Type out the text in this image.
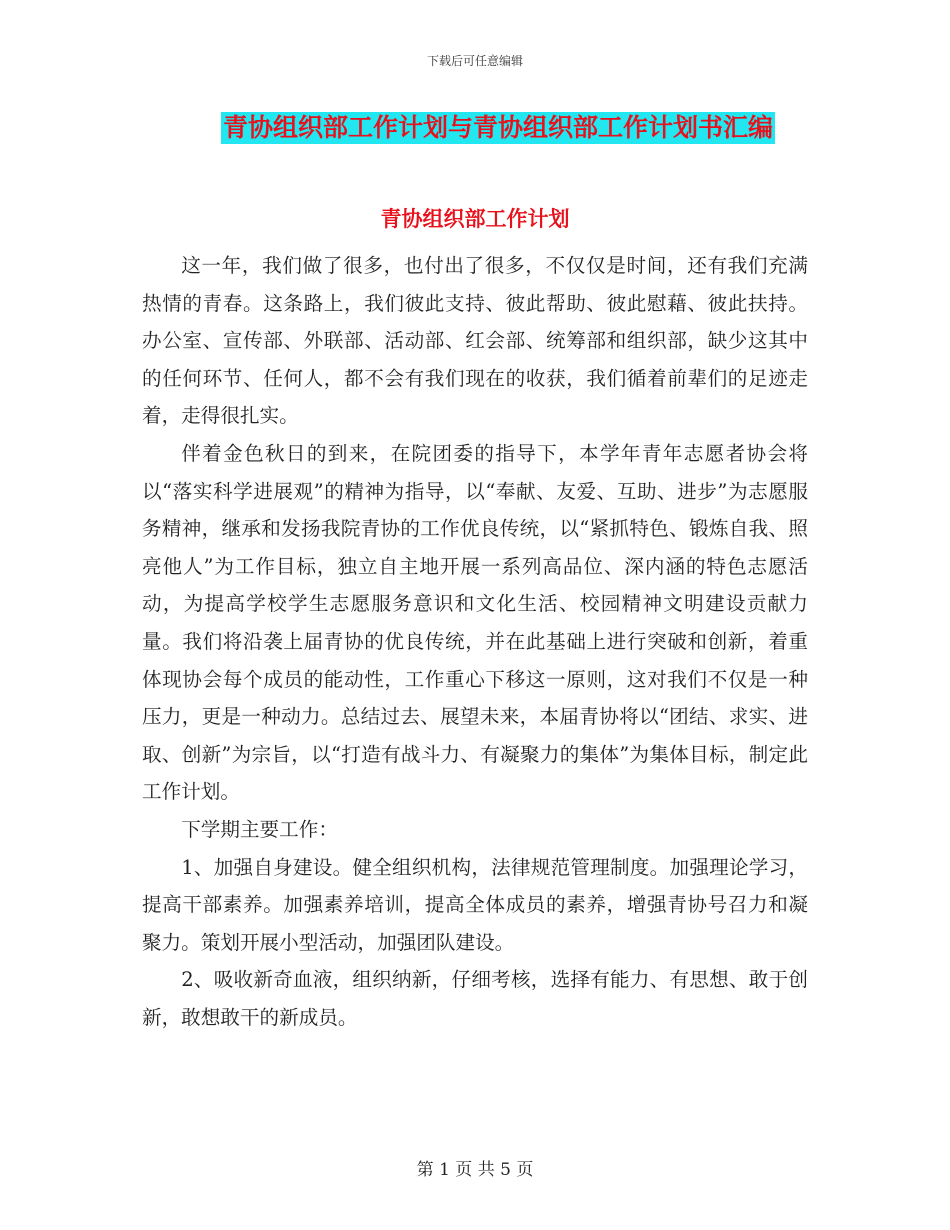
下载后可任意编辑
青协组织部工作计划与青协组织部工作计划书汇编
青协组织部工作计划

这一年，我们做了很多，也付出了很多，不仅仅是时间，还有我们充满热情的青春。这条路上，我们彼此支持、彼此帮助、彼此慰藉、彼此扶持。办公室、宣传部、外联部、活动部、红会部、统筹部和组织部，缺少这其中的任何环节、任何人，都不会有我们现在的收获，我们循着前辈们的足迹走着，走得很扎实。

伴着金色秋日的到来，在院团委的指导下，本学年青年志愿者协会将以“落实科学进展观”的精神为指导，以“奉献、友爱、互助、进步”为志愿服务精神，继承和发扬我院青协的工作优良传统，以“紧抓特色、锻炼自我、照亮他人”为工作目标，独立自主地开展一系列高品位、深内涵的特色志愿活动，为提高学校学生志愿服务意识和文化生活、校园精神文明建设贡献力量。我们将沿袭上届青协的优良传统，并在此基础上进行突破和创新，着重体现协会每个成员的能动性，工作重心下移这一原则，这对我们不仅是一种压力，更是一种动力。总结过去、展望未来，本届青协将以“团结、求实、进取、创新”为宗旨，以“打造有战斗力、有凝聚力的集体”为集体目标，制定此工作计划。

下学期主要工作：

1、加强自身建设。健全组织机构，法律规范管理制度。加强理论学习，提高干部素养。加强素养培训，提高全体成员的素养，增强青协号召力和凝聚力。策划开展小型活动，加强团队建设。

2、吸收新奇血液，组织纳新，仔细考核，选择有能力、有思想、敢于创新，敢想敢干的新成员。

第 1 页 共 5 页
